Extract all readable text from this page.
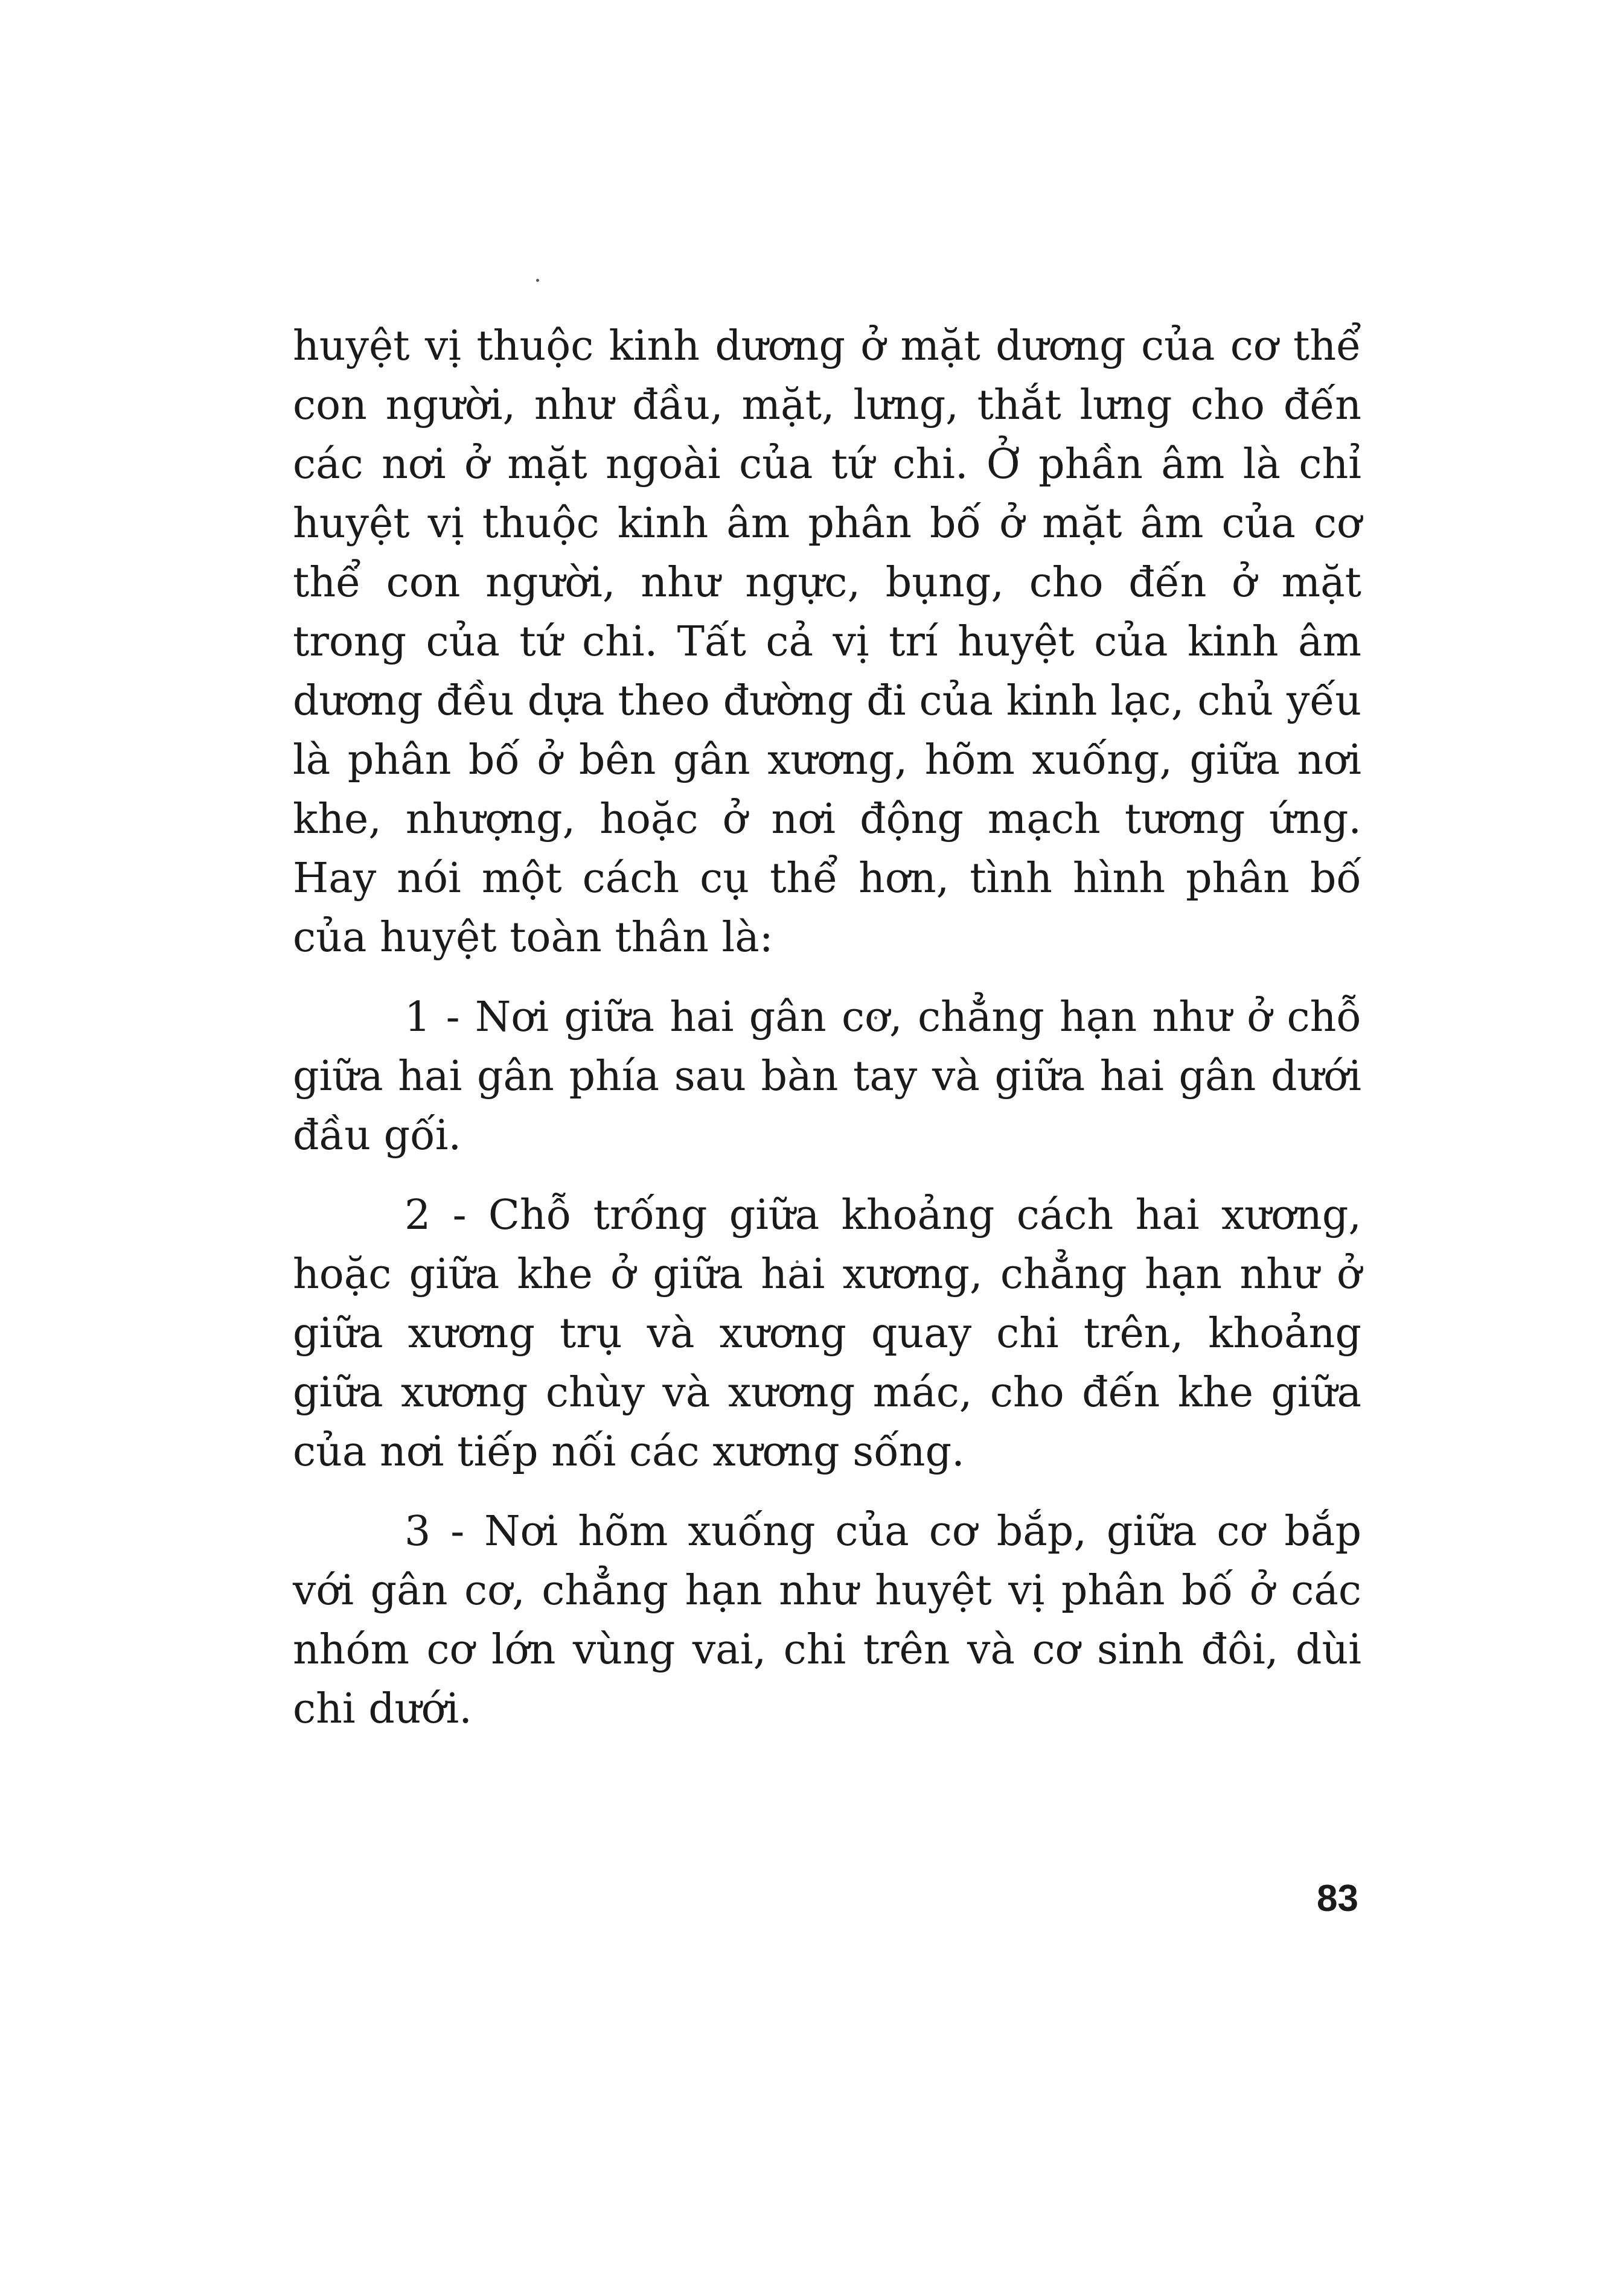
huyệt vị thuộc kinh dương ở mặt dương của cơ thể con người, như đầu, mặt, lưng, thắt lưng cho đến các nơi ở mặt ngoài của tứ chi. Ở phần âm là chỉ huyệt vị thuộc kinh âm phân bố ở mặt âm của cơ thể con người, như ngực, bụng, cho đến ở mặt trong của tứ chi. Tất cả vị trí huyệt của kinh âm dương đều dựa theo đường đi của kinh lạc, chủ yếu là phân bố ở bên gân xương, hõm xuống, giữa nơi khe, nhượng, hoặc ở nơi động mạch tương ứng. Hay nói một cách cụ thể hơn, tình hình phân bố của huyệt toàn thân là:

1 - Nơi giữa hai gân cơ, chẳng hạn như ở chỗ giữa hai gân phía sau bàn tay và giữa hai gân dưới đầu gối.

2 - Chỗ trống giữa khoảng cách hai xương, hoặc giữa khe ở giữa hai xương, chẳng hạn như ở giữa xương trụ và xương quay chi trên, khoảng giữa xương chùy và xương mác, cho đến khe giữa của nơi tiếp nối các xương sống.

3 - Nơi hõm xuống của cơ bắp, giữa cơ bắp với gân cơ, chẳng hạn như huyệt vị phân bố ở các nhóm cơ lớn vùng vai, chi trên và cơ sinh đôi, dùi chi dưới.

83
